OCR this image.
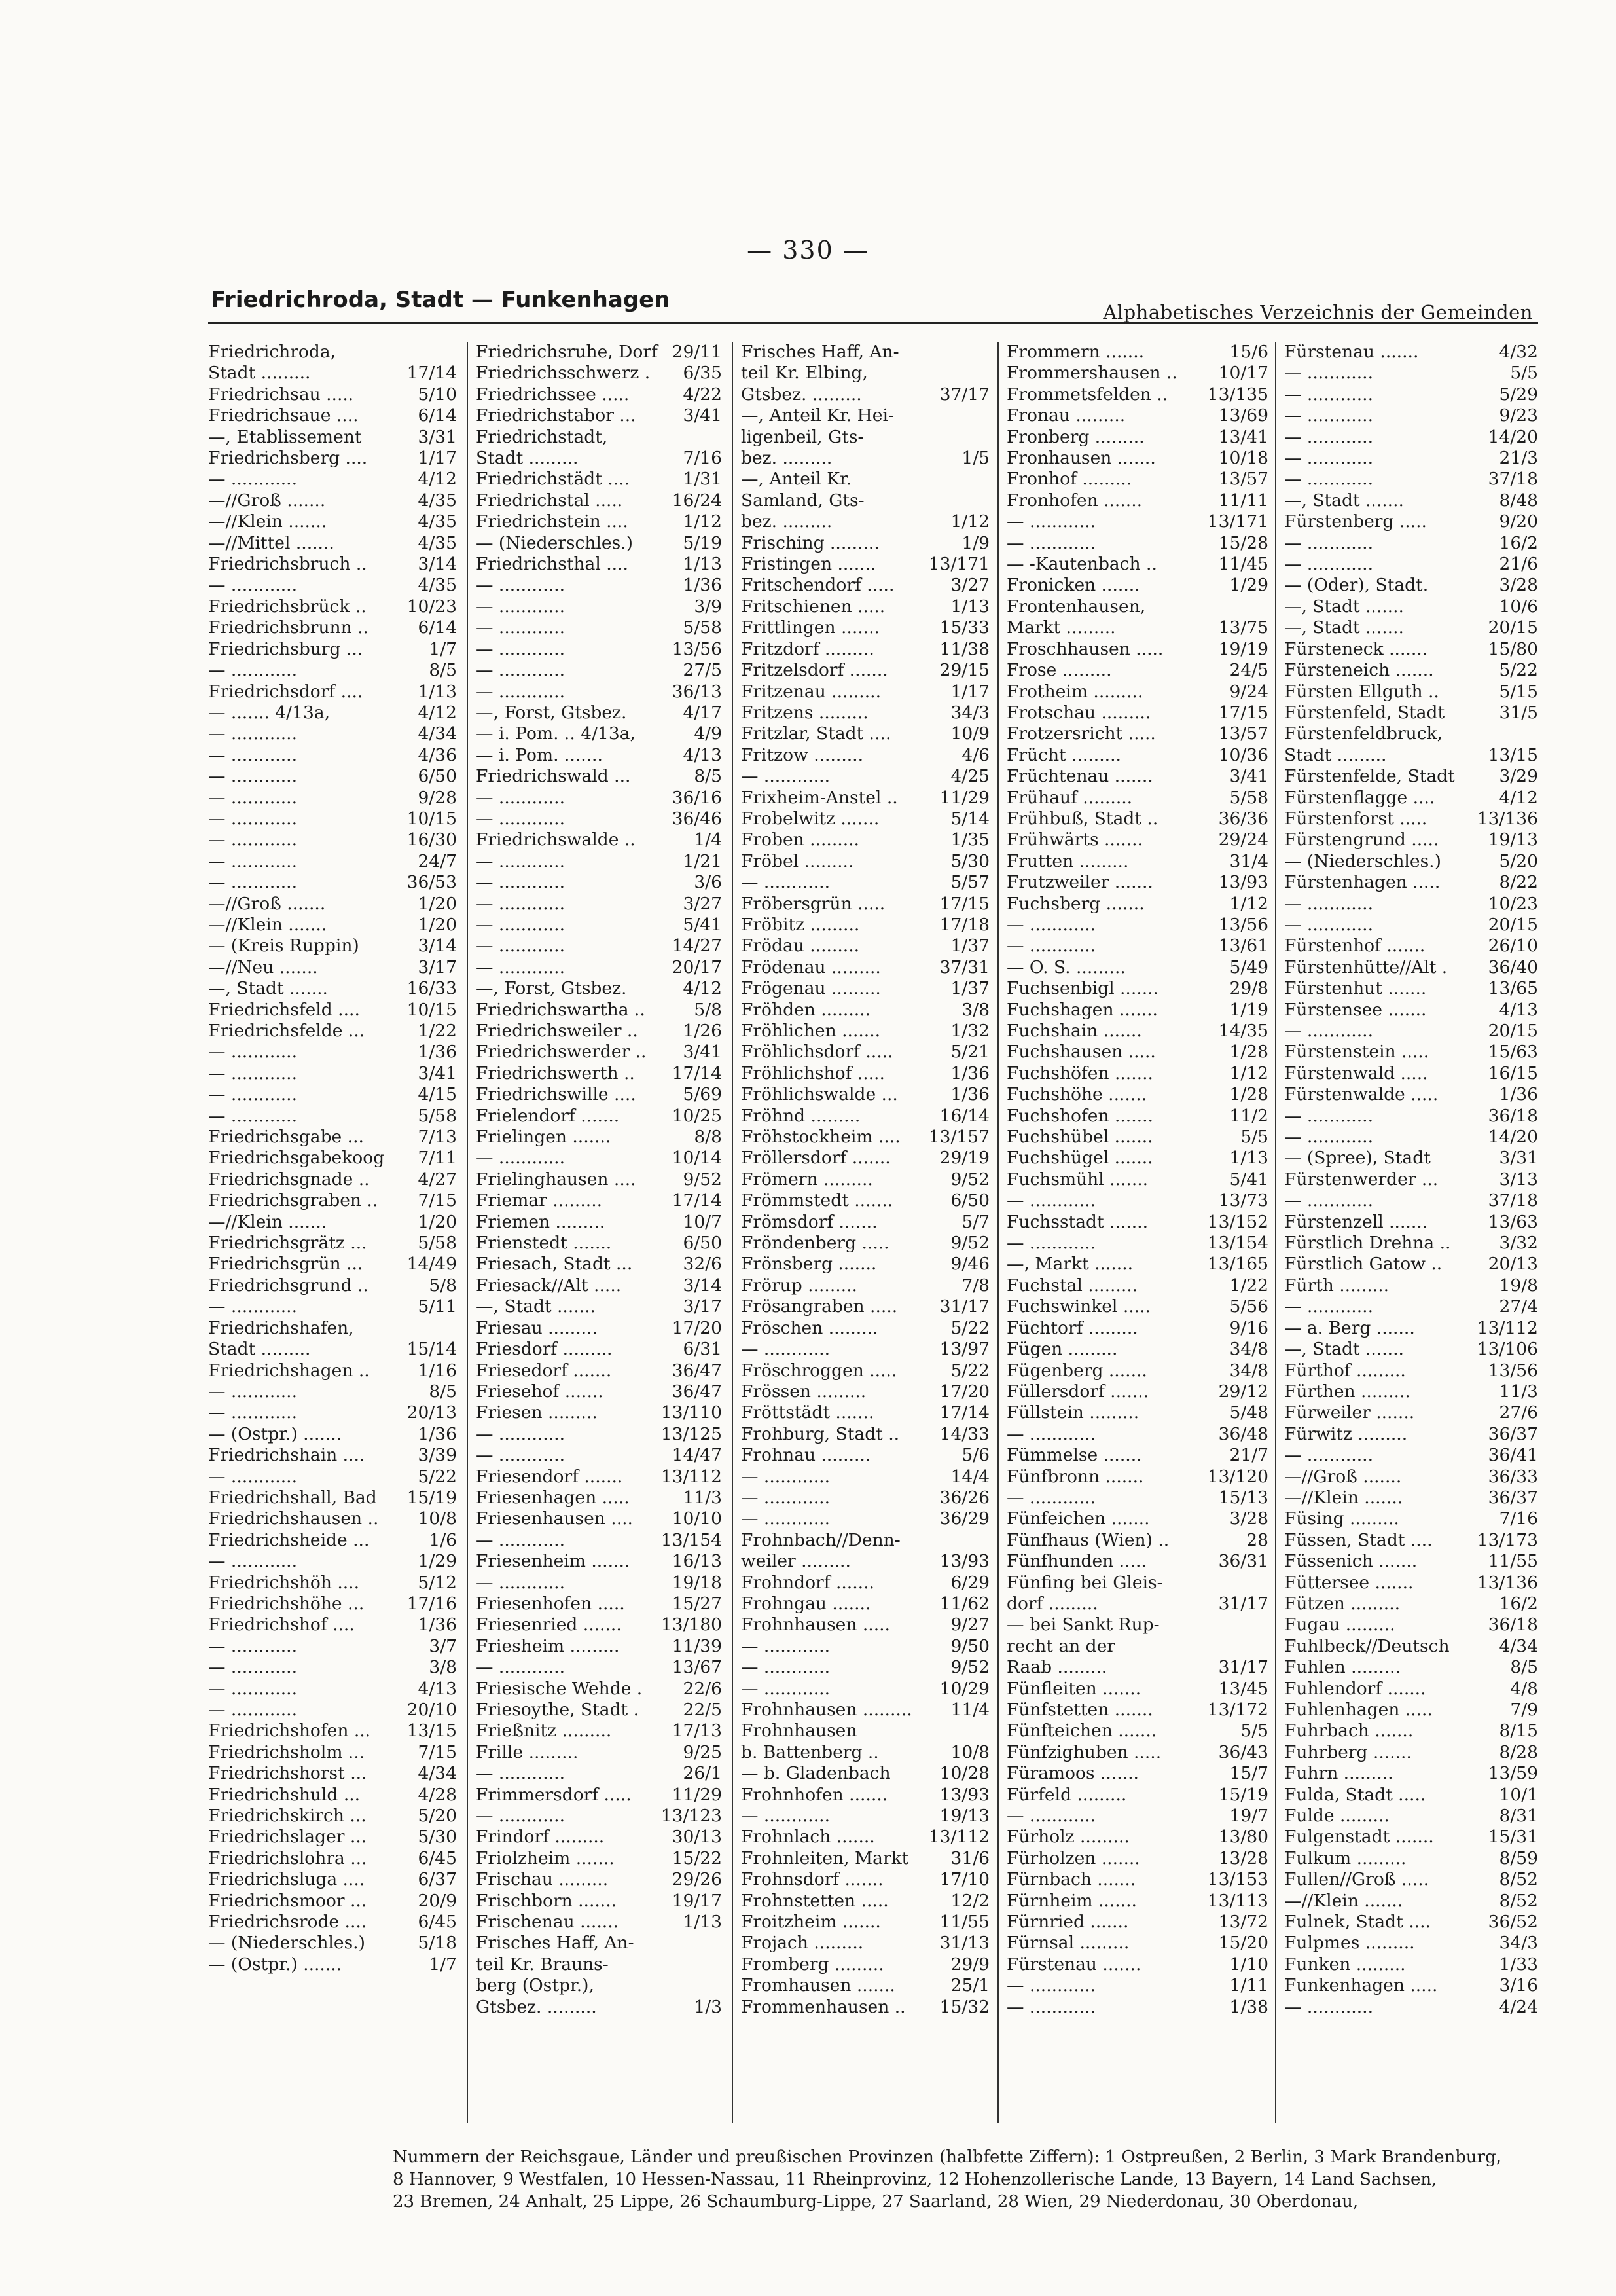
— 330 —
Friedrichroda, Stadt — Funkenhagen	Alphabetisches Verzeichnis der Gemeinden
Friedrichroda,
Stadt .........	17/14
Friedrichsau .....	5/10
Friedrichsaue ....	6/14
—, Etablissement	3/31
Friedrichsberg ....	1/17
— ............	4/12
—//Groß .......	4/35
—//Klein .......	4/35
—//Mittel .......	4/35
Friedrichsbruch ..	3/14
— ............	4/35
Friedrichsbrück ..	10/23
Friedrichsbrunn ..	6/14
Friedrichsburg ...	1/7
— ............	8/5
Friedrichsdorf ....	1/13
— ....... 4/13a,	4/12
— ............	4/34
— ............	4/36
— ............	6/50
— ............	9/28
— ............	10/15
— ............	16/30
— ............	24/7
— ............	36/53
—//Groß .......	1/20
—//Klein .......	1/20
— (Kreis Ruppin)	3/14
—//Neu .......	3/17
—, Stadt .......	16/33
Friedrichsfeld ....	10/15
Friedrichsfelde ...	1/22
— ............	1/36
— ............	3/41
— ............	4/15
— ............	5/58
Friedrichsgabe ...	7/13
Friedrichsgabekoog	7/11
Friedrichsgnade ..	4/27
Friedrichsgraben ..	7/15
—//Klein .......	1/20
Friedrichsgrätz ...	5/58
Friedrichsgrün ...	14/49
Friedrichsgrund ..	5/8
— ............	5/11
Friedrichshafen,
Stadt .........	15/14
Friedrichshagen ..	1/16
— ............	8/5
— ............	20/13
— (Ostpr.) .......	1/36
Friedrichshain ....	3/39
— ............	5/22
Friedrichshall, Bad	15/19
Friedrichshausen ..	10/8
Friedrichsheide ...	1/6
— ............	1/29
Friedrichshöh ....	5/12
Friedrichshöhe ...	17/16
Friedrichshof ....	1/36
— ............	3/7
— ............	3/8
— ............	4/13
— ............	20/10
Friedrichshofen ...	13/15
Friedrichsholm ...	7/15
Friedrichshorst ...	4/34
Friedrichshuld ...	4/28
Friedrichskirch ...	5/20
Friedrichslager ...	5/30
Friedrichslohra ...	6/45
Friedrichsluga ....	6/37
Friedrichsmoor ...	20/9
Friedrichsrode ....	6/45
— (Niederschles.)	5/18
— (Ostpr.) .......	1/7
Friedrichsruhe, Dorf 29/11
Friedrichsschwerz .	6/35
Friedrichssee .....	4/22
Friedrichstabor ...	3/41
Friedrichstadt,
Stadt .........	7/16
Friedrichstädt ....	1/31
Friedrichstal .....	16/24
Friedrichstein ....	1/12
— (Niederschles.)	5/19
Friedrichsthal ....	1/13
— ............	1/36
— ............	3/9
— ............	5/58
— ............	13/56
— ............	27/5
— ............	36/13
—, Forst, Gtsbez.	4/17
— i. Pom. .. 4/13a,	4/9
— i. Pom. .......	4/13
Friedrichswald ...	8/5
— ............	36/16
— ............	36/46
Friedrichswalde ..	1/4
— ............	1/21
— ............	3/6
— ............	3/27
— ............	5/41
— ............	14/27
— ............	20/17
—, Forst, Gtsbez.	4/12
Friedrichswartha ..	5/8
Friedrichsweiler ..	1/26
Friedrichswerder ..	3/41
Friedrichswerth ..	17/14
Friedrichswille ....	5/69
Frielendorf .......	10/25
Frielingen .......	8/8
— ............	10/14
Frielinghausen ....	9/52
Friemar .........	17/14
Friemen .........	10/7
Frienstedt .......	6/50
Friesach, Stadt ...	32/6
Friesack//Alt .....	3/14
—, Stadt .......	3/17
Friesau .........	17/20
Friesdorf .........	6/31
Friesedorf .......	36/47
Friesehof .......	36/47
Friesen .........	13/110
— ............	13/125
— ............	14/47
Friesendorf .......	13/112
Friesenhagen .....	11/3
Friesenhausen ....	10/10
— ............	13/154
Friesenheim .......	16/13
— ............	19/18
Friesenhofen .....	15/27
Friesenried .......	13/180
Friesheim .........	11/39
— ............	13/67
Friesische Wehde .	22/6
Friesoythe, Stadt .	22/5
Frießnitz .........	17/13
Frille .........	9/25
— ............	26/1
Frimmersdorf .....	11/29
— ............	13/123
Frindorf .........	30/13
Friolzheim .......	15/22
Frischau .........	29/26
Frischborn .......	19/17
Frischenau .......	1/13
Frisches Haff, An-
teil Kr. Brauns-
berg (Ostpr.),
Gtsbez. .........	1/3
Frisches Haff, An-
teil Kr. Elbing,
Gtsbez. .........	37/17
—, Anteil Kr. Hei-
ligenbeil, Gts-
bez. .........	1/5
—, Anteil Kr.
Samland, Gts-
bez. .........	1/12
Frisching .........	1/9
Fristingen .......	13/171
Fritschendorf .....	3/27
Fritschienen .....	1/13
Frittlingen .......	15/33
Fritzdorf .........	11/38
Fritzelsdorf .......	29/15
Fritzenau .........	1/17
Fritzens .........	34/3
Fritzlar, Stadt ....	10/9
Fritzow .........	4/6
— ............	4/25
Frixheim-Anstel ..	11/29
Frobelwitz .......	5/14
Froben .........	1/35
Fröbel .........	5/30
— ............	5/57
Fröbersgrün .....	17/15
Fröbitz .........	17/18
Frödau .........	1/37
Frödenau .........	37/31
Frögenau .........	1/37
Fröhden .........	3/8
Fröhlichen .......	1/32
Fröhlichsdorf .....	5/21
Fröhlichshof .....	1/36
Fröhlichswalde ...	1/36
Fröhnd .........	16/14
Fröhstockheim ....	13/157
Fröllersdorf .......	29/19
Frömern .........	9/52
Frömmstedt .......	6/50
Frömsdorf .......	5/7
Fröndenberg .....	9/52
Frönsberg .......	9/46
Frörup .........	7/8
Frösangraben .....	31/17
Fröschen .........	5/22
— ............	13/97
Fröschroggen .....	5/22
Frössen .........	17/20
Fröttstädt .......	17/14
Frohburg, Stadt ..	14/33
Frohnau .........	5/6
— ............	14/4
— ............	36/26
— ............	36/29
Frohnbach//Denn-
weiler .........	13/93
Frohndorf .......	6/29
Frohngau .......	11/62
Frohnhausen .....	9/27
— ............	9/50
— ............	9/52
— ............	10/29
Frohnhausen .........	11/4
Frohnhausen
b. Battenberg ..	10/8
— b. Gladenbach	10/28
Frohnhofen .......	13/93
— ............	19/13
Frohnlach .......	13/112
Frohnleiten, Markt	31/6
Frohnsdorf .......	17/10
Frohnstetten .....	12/2
Froitzheim .......	11/55
Frojach .........	31/13
Fromberg .........	29/9
Fromhausen .......	25/1
Frommenhausen ..	15/32
Frommern .......	15/6
Frommershausen ..	10/17
Frommetsfelden ..	13/135
Fronau .........	13/69
Fronberg .........	13/41
Fronhausen .......	10/18
Fronhof .........	13/57
Fronhofen .......	11/11
— ............	13/171
— ............	15/28
— -Kautenbach ..	11/45
Fronicken .......	1/29
Frontenhausen,
Markt .........	13/75
Froschhausen .....	19/19
Frose .........	24/5
Frotheim .........	9/24
Frotschau .........	17/15
Frotzersricht .....	13/57
Frücht .........	10/36
Früchtenau .......	3/41
Frühauf .........	5/58
Frühbuß, Stadt ..	36/36
Frühwärts .......	29/24
Frutten .........	31/4
Frutzweiler .......	13/93
Fuchsberg .......	1/12
— ............	13/56
— ............	13/61
— O. S. .........	5/49
Fuchsenbigl .......	29/8
Fuchshagen .......	1/19
Fuchshain .......	14/35
Fuchshausen .....	1/28
Fuchshöfen .......	1/12
Fuchshöhe .......	1/28
Fuchshofen .......	11/2
Fuchshübel .......	5/5
Fuchshügel .......	1/13
Fuchsmühl .......	5/41
— ............	13/73
Fuchsstadt .......	13/152
— ............	13/154
—, Markt .......	13/165
Fuchstal .........	1/22
Fuchswinkel .....	5/56
Füchtorf .........	9/16
Fügen .........	34/8
Fügenberg .......	34/8
Füllersdorf .......	29/12
Füllstein .........	5/48
— ............	36/48
Fümmelse .......	21/7
Fünfbronn .......	13/120
— ............	15/13
Fünfeichen .......	3/28
Fünfhaus (Wien) ..	28
Fünfhunden .....	36/31
Fünfing bei Gleis-
dorf .........	31/17
— bei Sankt Rup-
recht an der
Raab .........	31/17
Fünfleiten .......	13/45
Fünfstetten .......	13/172
Fünfteichen .......	5/5
Fünfzighuben .....	36/43
Füramoos .......	15/7
Fürfeld .........	15/19
— ............	19/7
Fürholz .........	13/80
Fürholzen .......	13/28
Fürnbach .......	13/153
Fürnheim .......	13/113
Fürnried .......	13/72
Fürnsal .........	15/20
Fürstenau .......	1/10
— ............	1/11
— ............	1/38
Fürstenau .......	4/32
— ............	5/5
— ............	5/29
— ............	9/23
— ............	14/20
— ............	21/3
— ............	37/18
—, Stadt .......	8/48
Fürstenberg .....	9/20
— ............	16/2
— ............	21/6
— (Oder), Stadt.	3/28
—, Stadt .......	10/6
—, Stadt .......	20/15
Fürsteneck .......	15/80
Fürsteneich .......	5/22
Fürsten Ellguth ..	5/15
Fürstenfeld, Stadt	31/5
Fürstenfeldbruck,
Stadt .........	13/15
Fürstenfelde, Stadt	3/29
Fürstenflagge ....	4/12
Fürstenforst .....	13/136
Fürstengrund .....	19/13
— (Niederschles.)	5/20
Fürstenhagen .....	8/22
— ............	10/23
— ............	20/15
Fürstenhof .......	26/10
Fürstenhütte//Alt .	36/40
Fürstenhut .......	13/65
Fürstensee .......	4/13
— ............	20/15
Fürstenstein .....	15/63
Fürstenwald .....	16/15
Fürstenwalde .....	1/36
— ............	36/18
— ............	14/20
— (Spree), Stadt	3/31
Fürstenwerder ...	3/13
— ............	37/18
Fürstenzell .......	13/63
Fürstlich Drehna ..	3/32
Fürstlich Gatow ..	20/13
Fürth .........	19/8
— ............	27/4
— a. Berg .......	13/112
—, Stadt .......	13/106
Fürthof .........	13/56
Fürthen .........	11/3
Fürweiler .......	27/6
Fürwitz .........	36/37
— ............	36/41
—//Groß .......	36/33
—//Klein .......	36/37
Füsing .........	7/16
Füssen, Stadt ....	13/173
Füssenich .......	11/55
Füttersee .......	13/136
Fützen .........	16/2
Fugau .........	36/18
Fuhlbeck//Deutsch	4/34
Fuhlen .........	8/5
Fuhlendorf .......	4/8
Fuhlenhagen .....	7/9
Fuhrbach .......	8/15
Fuhrberg .......	8/28
Fuhrn .........	13/59
Fulda, Stadt .....	10/1
Fulde .........	8/31
Fulgenstadt .......	15/31
Fulkum .........	8/59
Fullen//Groß .....	8/52
—//Klein .......	8/52
Fulnek, Stadt ....	36/52
Fulpmes .........	34/3
Funken .........	1/33
Funkenhagen .....	3/16
— ............	4/24
Nummern der Reichsgaue, Länder und preußischen Provinzen (halbfette Ziffern): 1 Ostpreußen, 2 Berlin, 3 Mark Brandenburg,
8 Hannover, 9 Westfalen, 10 Hessen-Nassau, 11 Rheinprovinz, 12 Hohenzollerische Lande, 13 Bayern, 14 Land Sachsen,
23 Bremen, 24 Anhalt, 25 Lippe, 26 Schaumburg-Lippe, 27 Saarland, 28 Wien, 29 Niederdonau, 30 Oberdonau,
